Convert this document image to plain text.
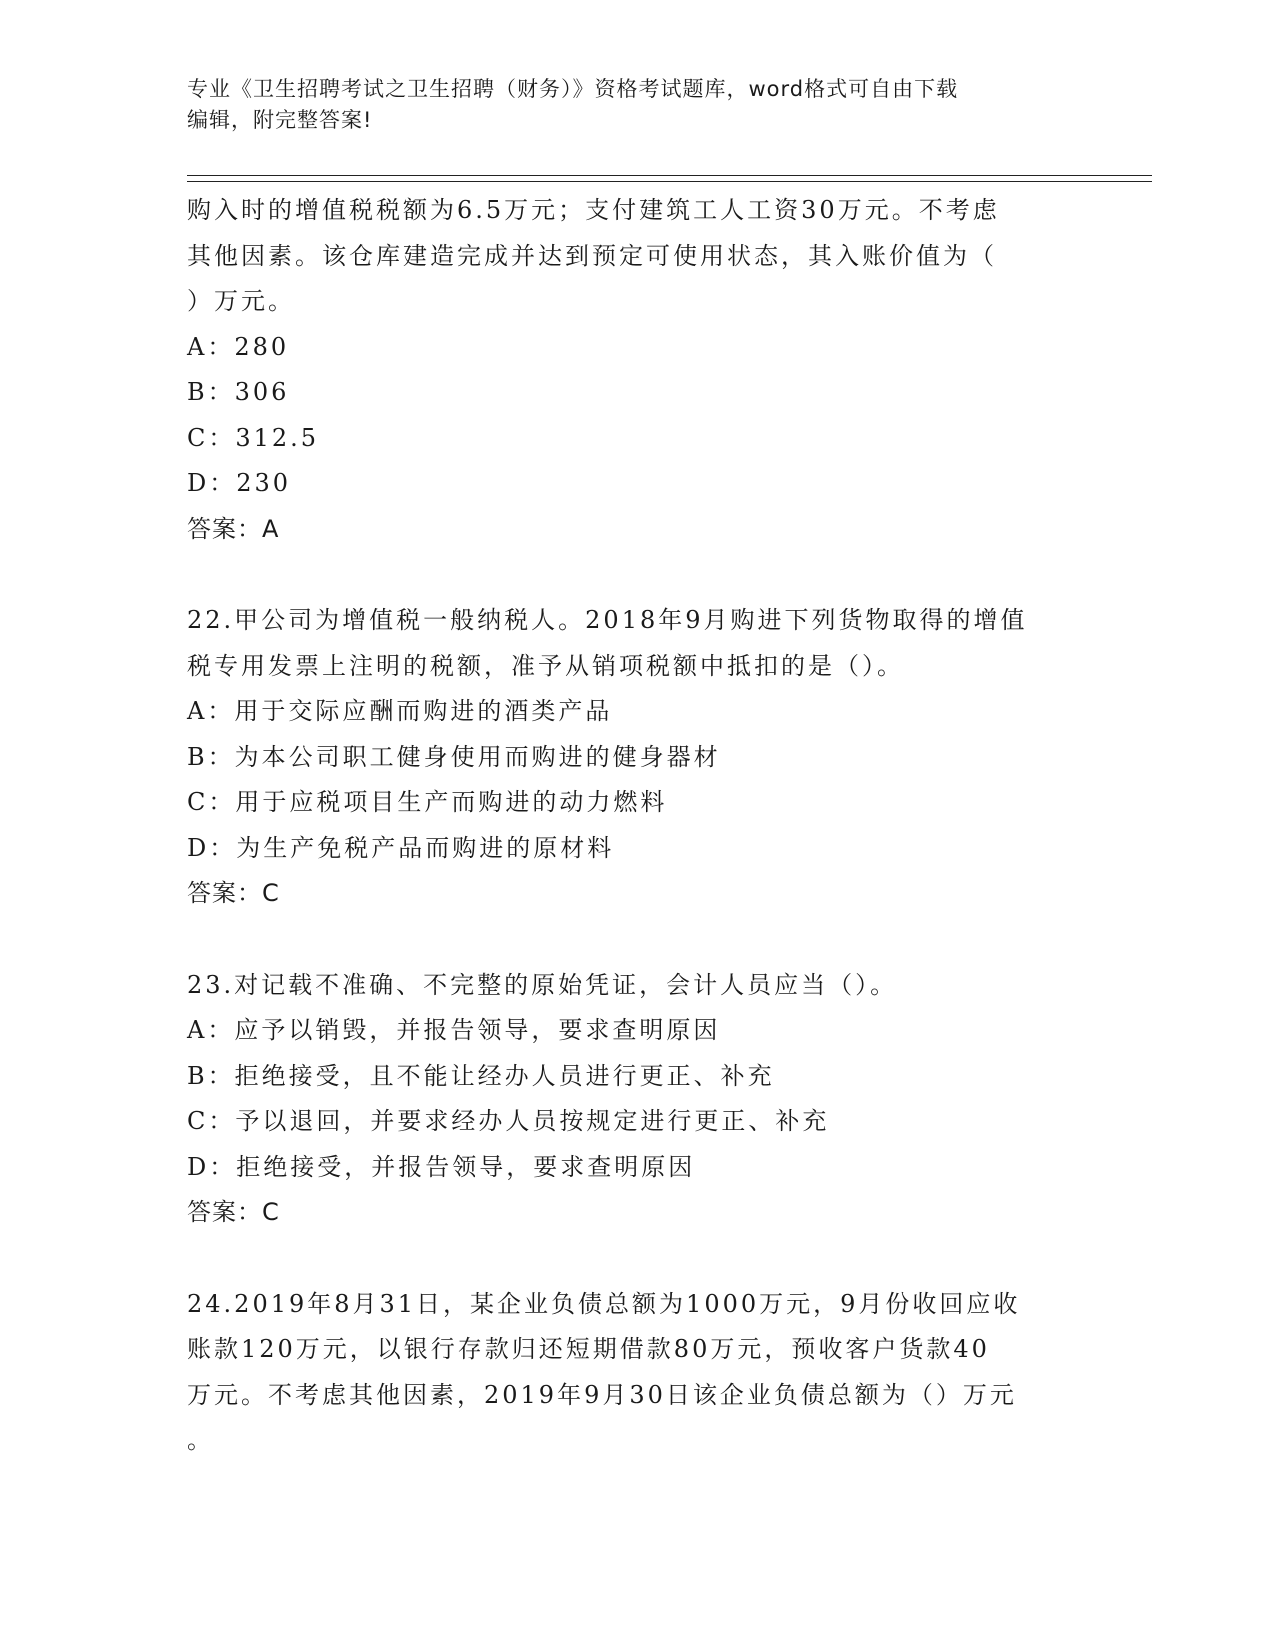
专业《卫生招聘考试之卫生招聘（财务）》资格考试题库，word格式可自由下载
编辑，附完整答案!
购入时的增值税税额为6.5万元；支付建筑工人工资30万元。不考虑
其他因素。该仓库建造完成并达到预定可使用状态，其入账价值为（
）万元。
A：280
B：306
C：312.5
D：230
答案：A
22.甲公司为增值税一般纳税人。2018年9月购进下列货物取得的增值
税专用发票上注明的税额，准予从销项税额中抵扣的是（）。
A：用于交际应酬而购进的酒类产品
B：为本公司职工健身使用而购进的健身器材
C：用于应税项目生产而购进的动力燃料
D：为生产免税产品而购进的原材料
答案：C
23.对记载不准确、不完整的原始凭证，会计人员应当（）。
A：应予以销毁，并报告领导，要求查明原因
B：拒绝接受，且不能让经办人员进行更正、补充
C：予以退回，并要求经办人员按规定进行更正、补充
D：拒绝接受，并报告领导，要求查明原因
答案：C
24.2019年8月31日，某企业负债总额为1000万元，9月份收回应收
账款120万元，以银行存款归还短期借款80万元，预收客户货款40
万元。不考虑其他因素，2019年9月30日该企业负债总额为（）万元
。
